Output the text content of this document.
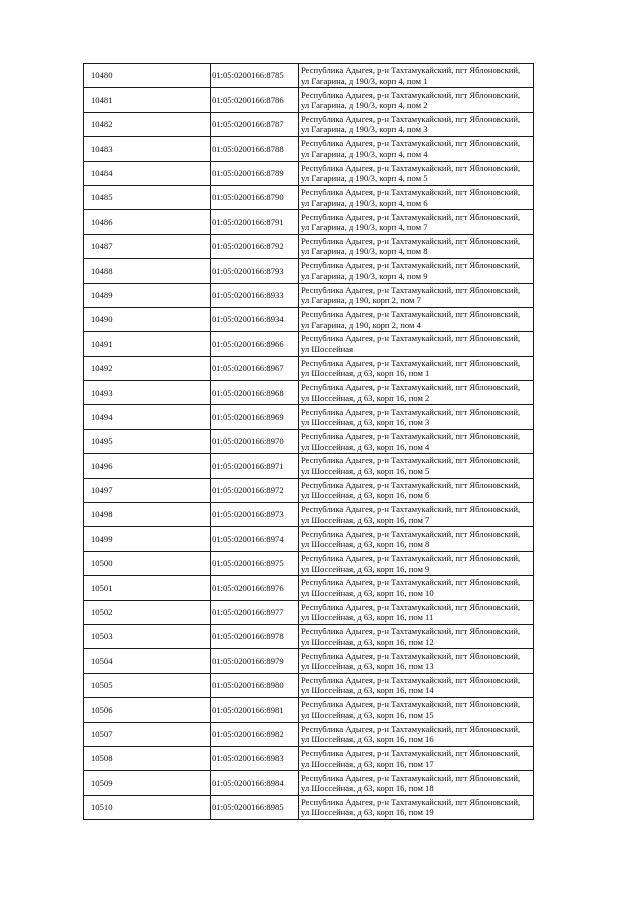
10480	01:05:0200166:8785	Республика Адыгея, р-н Тахтамукайский, пгт Яблоновский,
ул Гагарина, д 190/3, корп 4, пом 1

10481	01:05:0200166:8786	Республика Адыгея, р-н Тахтамукайский, пгт Яблоновский,
ул Гагарина, д 190/3, корп 4, пом 2

10482	01:05:0200166:8787	Республика Адыгея, р-н Тахтамукайский, пгт Яблоновский,
ул Гагарина, д 190/3, корп 4, пом 3

10483	01:05:0200166:8788	Республика Адыгея, р-н Тахтамукайский, пгт Яблоновский,
ул Гагарина, д 190/3, корп 4, пом 4

10484	01:05:0200166:8789	Республика Адыгея, р-н Тахтамукайский, пгт Яблоновский,
ул Гагарина, д 190/3, корп 4, пом 5

10485	01:05:0200166:8790	Республика Адыгея, р-н Тахтамукайский, пгт Яблоновский,
ул Гагарина, д 190/3, корп 4, пом 6

10486	01:05:0200166:8791	Республика Адыгея, р-н Тахтамукайский, пгт Яблоновский,
ул Гагарина, д 190/3, корп 4, пом 7

10487	01:05:0200166:8792	Республика Адыгея, р-н Тахтамукайский, пгт Яблоновский,
ул Гагарина, д 190/3, корп 4, пом 8

10488	01:05:0200166:8793	Республика Адыгея, р-н Тахтамукайский, пгт Яблоновский,
ул Гагарина, д 190/3, корп 4, пом 9

10489	01:05:0200166:8933	Республика Адыгея, р-н Тахтамукайский, пгт Яблоновский,
ул Гагарина, д 190, корп 2, пом 7

10490	01:05:0200166:8934	Республика Адыгея, р-н Тахтамукайский, пгт Яблоновский,
ул Гагарина, д 190, корп 2, пом 4

10491	01:05:0200166:8966	Республика Адыгея, р-н Тахтамукайский, пгт Яблоновский,
ул Шоссейная

10492	01:05:0200166:8967	Республика Адыгея, р-н Тахтамукайский, пгт Яблоновский,
ул Шоссейная, д 63, корп 16, пом 1

10493	01:05:0200166:8968	Республика Адыгея, р-н Тахтамукайский, пгт Яблоновский,
ул Шоссейная, д 63, корп 16, пом 2

10494	01:05:0200166:8969	Республика Адыгея, р-н Тахтамукайский, пгт Яблоновский,
ул Шоссейная, д 63, корп 16, пом 3

10495	01:05:0200166:8970	Республика Адыгея, р-н Тахтамукайский, пгт Яблоновский,
ул Шоссейная, д 63, корп 16, пом 4

10496	01:05:0200166:8971	Республика Адыгея, р-н Тахтамукайский, пгт Яблоновский,
ул Шоссейная, д 63, корп 16, пом 5

10497	01:05:0200166:8972	Республика Адыгея, р-н Тахтамукайский, пгт Яблоновский,
ул Шоссейная, д 63, корп 16, пом 6

10498	01:05:0200166:8973	Республика Адыгея, р-н Тахтамукайский, пгт Яблоновский,
ул Шоссейная, д 63, корп 16, пом 7

10499	01:05:0200166:8974	Республика Адыгея, р-н Тахтамукайский, пгт Яблоновский,
ул Шоссейная, д 63, корп 16, пом 8

10500	01:05:0200166:8975	Республика Адыгея, р-н Тахтамукайский, пгт Яблоновский,
ул Шоссейная, д 63, корп 16, пом 9

10501	01:05:0200166:8976	Республика Адыгея, р-н Тахтамукайский, пгт Яблоновский,
ул Шоссейная, д 63, корп 16, пом 10

10502	01:05:0200166:8977	Республика Адыгея, р-н Тахтамукайский, пгт Яблоновский,
ул Шоссейная, д 63, корп 16, пом 11

10503	01:05:0200166:8978	Республика Адыгея, р-н Тахтамукайский, пгт Яблоновский,
ул Шоссейная, д 63, корп 16, пом 12

10504	01:05:0200166:8979	Республика Адыгея, р-н Тахтамукайский, пгт Яблоновский,
ул Шоссейная, д 63, корп 16, пом 13

10505	01:05:0200166:8980	Республика Адыгея, р-н Тахтамукайский, пгт Яблоновский,
ул Шоссейная, д 63, корп 16, пом 14

10506	01:05:0200166:8981	Республика Адыгея, р-н Тахтамукайский, пгт Яблоновский,
ул Шоссейная, д 63, корп 16, пом 15

10507	01:05:0200166:8982	Республика Адыгея, р-н Тахтамукайский, пгт Яблоновский,
ул Шоссейная, д 63, корп 16, пом 16

10508	01:05:0200166:8983	Республика Адыгея, р-н Тахтамукайский, пгт Яблоновский,
ул Шоссейная, д 63, корп 16, пом 17

10509	01:05:0200166:8984	Республика Адыгея, р-н Тахтамукайский, пгт Яблоновский,
ул Шоссейная, д 63, корп 16, пом 18

10510	01:05:0200166:8985	Республика Адыгея, р-н Тахтамукайский, пгт Яблоновский,
ул Шоссейная, д 63, корп 16, пом 19
